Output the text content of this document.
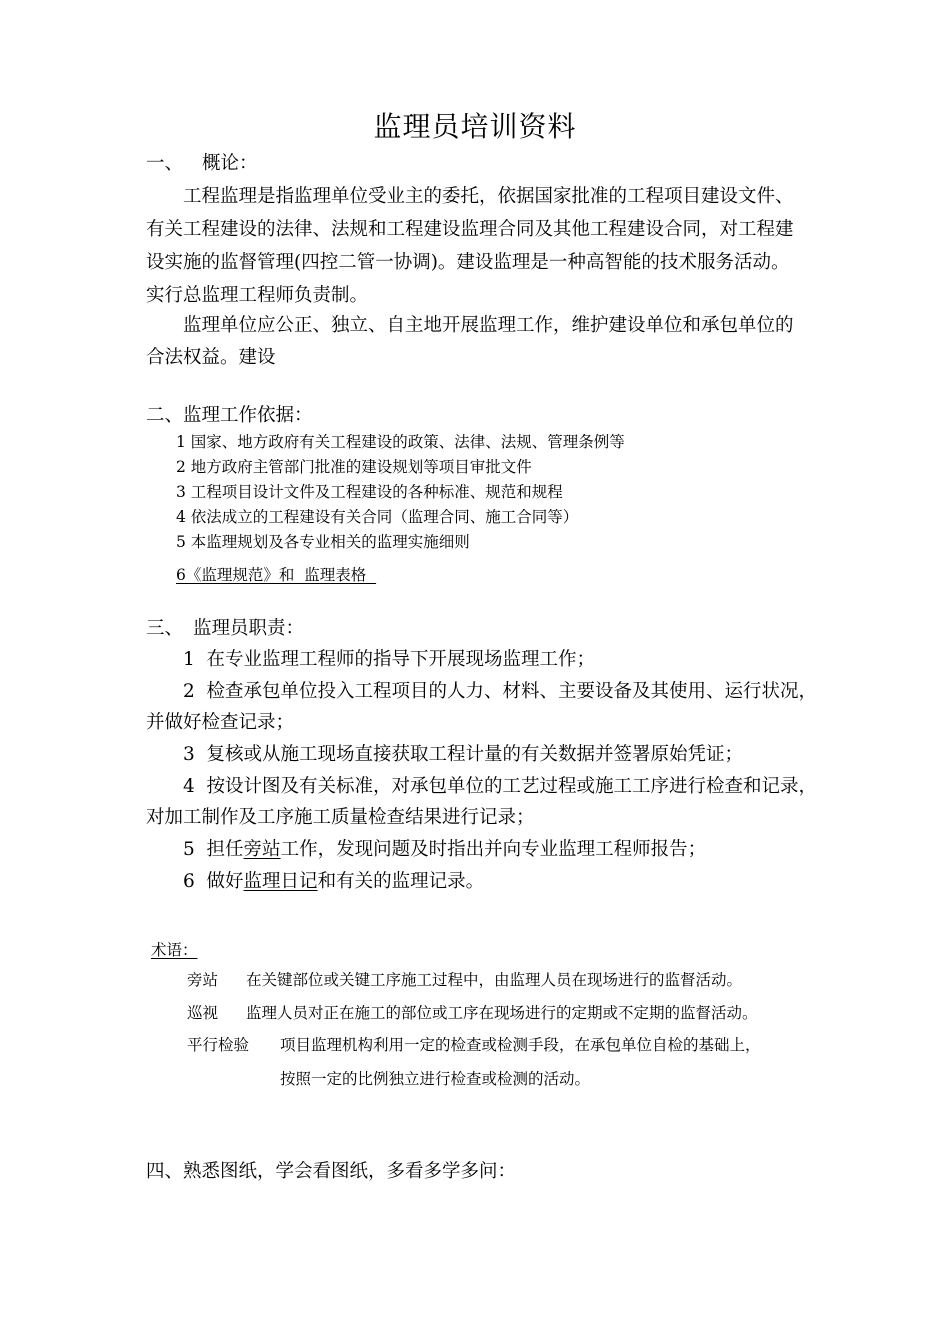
监理员培训资料
一、 概论：
工程监理是指监理单位受业主的委托，依据国家批准的工程项目建设文件、
有关工程建设的法律、法规和工程建设监理合同及其他工程建设合同，对工程建
设实施的监督管理(四控二管一协调)。建设监理是一种高智能的技术服务活动。
实行总监理工程师负责制。
监理单位应公正、独立、自主地开展监理工作，维护建设单位和承包单位的
合法权益。建设
二、监理工作依据：
1 国家、地方政府有关工程建设的政策、法律、法规、管理条例等
2 地方政府主管部门批准的建设规划等项目审批文件
3 工程项目设计文件及工程建设的各种标准、规范和规程
4 依法成立的工程建设有关合同（监理合同、施工合同等）
5 本监理规划及各专业相关的监理实施细则
6《监理规范》和  监理表格
三、 监理员职责：
1  在专业监理工程师的指导下开展现场监理工作；
2  检查承包单位投入工程项目的人力、材料、主要设备及其使用、运行状况，
并做好检查记录；
3  复核或从施工现场直接获取工程计量的有关数据并签署原始凭证；
4  按设计图及有关标准，对承包单位的工艺过程或施工工序进行检查和记录，
对加工制作及工序施工质量检查结果进行记录；
5  担任旁站工作，发现问题及时指出并向专业监理工程师报告；
6  做好监理日记和有关的监理记录。
术语：
旁站 在关键部位或关键工序施工过程中，由监理人员在现场进行的监督活动。
巡视 监理人员对正在施工的部位或工序在现场进行的定期或不定期的监督活动。
平行检验 项目监理机构利用一定的检查或检测手段，在承包单位自检的基础上，
按照一定的比例独立进行检查或检测的活动。
四、熟悉图纸，学会看图纸，多看多学多问：
